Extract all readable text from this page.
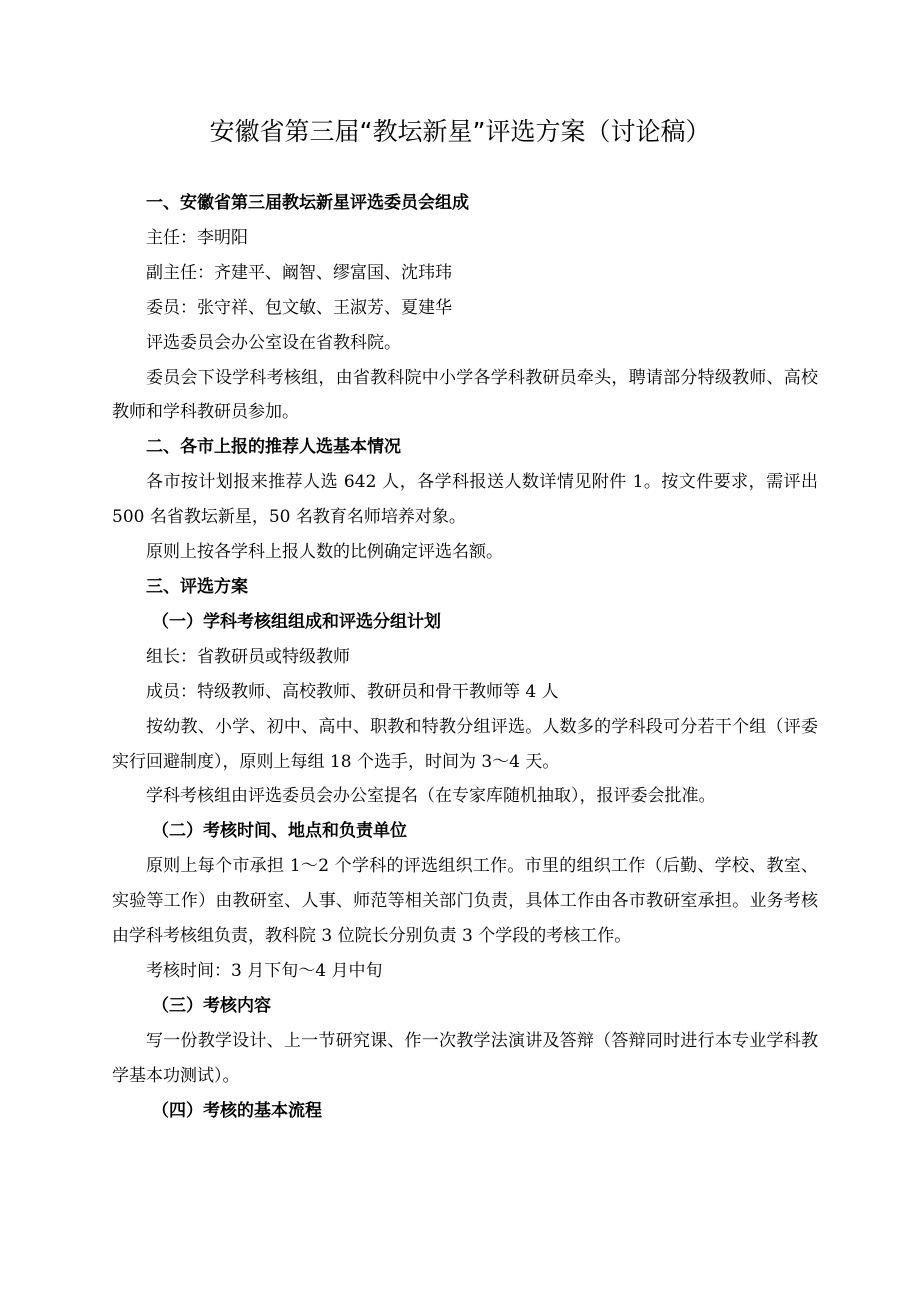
安徽省第三届“教坛新星”评选方案（讨论稿）

一、安徽省第三届教坛新星评选委员会组成

主任：李明阳

副主任：齐建平、阚智、缪富国、沈玮玮

委员：张守祥、包文敏、王淑芳、夏建华

评选委员会办公室设在省教科院。

委员会下设学科考核组，由省教科院中小学各学科教研员牵头，聘请部分特级教师、高校教师和学科教研员参加。

二、各市上报的推荐人选基本情况

各市按计划报来推荐人选 642 人，各学科报送人数详情见附件 1。按文件要求，需评出 500 名省教坛新星，50 名教育名师培养对象。

原则上按各学科上报人数的比例确定评选名额。

三、评选方案

（一）学科考核组组成和评选分组计划

组长：省教研员或特级教师

成员：特级教师、高校教师、教研员和骨干教师等 4 人

按幼教、小学、初中、高中、职教和特教分组评选。人数多的学科段可分若干个组（评委实行回避制度），原则上每组 18 个选手，时间为 3～4 天。

学科考核组由评选委员会办公室提名（在专家库随机抽取），报评委会批准。

（二）考核时间、地点和负责单位

原则上每个市承担 1～2 个学科的评选组织工作。市里的组织工作（后勤、学校、教室、实验等工作）由教研室、人事、师范等相关部门负责，具体工作由各市教研室承担。业务考核由学科考核组负责，教科院 3 位院长分别负责 3 个学段的考核工作。

考核时间：3 月下旬～4 月中旬

（三）考核内容

写一份教学设计、上一节研究课、作一次教学法演讲及答辩（答辩同时进行本专业学科教学基本功测试）。

（四）考核的基本流程
